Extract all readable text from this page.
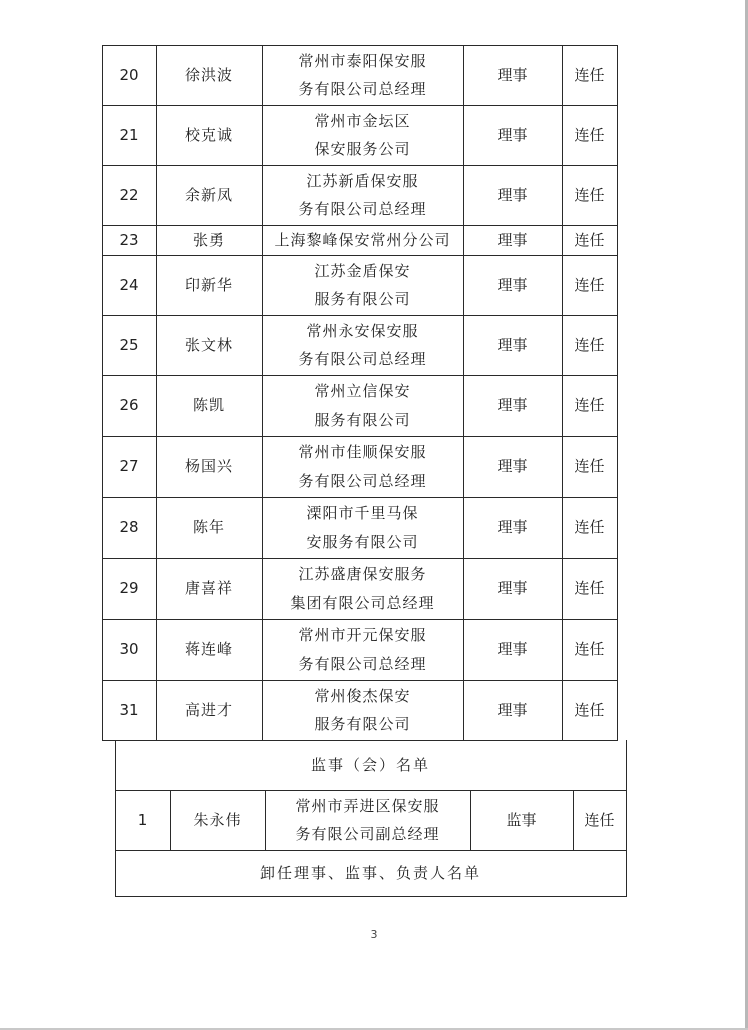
20	徐洪波
常州市泰阳保安服
务有限公司总经理
理事	连任
21	校克诚
常州市金坛区
保安服务公司
理事	连任
22	余新凤
江苏新盾保安服
务有限公司总经理
理事	连任
23	张勇	上海黎峰保安常州分公司	理事	连任
24	印新华
江苏金盾保安
服务有限公司
理事	连任
25	张文林
常州永安保安服
务有限公司总经理
理事	连任
26	陈凯
常州立信保安
服务有限公司
理事	连任
27	杨国兴
常州市佳顺保安服
务有限公司总经理
理事	连任
28	陈年
溧阳市千里马保
安服务有限公司
理事	连任
29	唐喜祥
江苏盛唐保安服务
集团有限公司总经理
理事	连任
30	蒋连峰
常州市开元保安服
务有限公司总经理
理事	连任
31	高进才
常州俊杰保安
服务有限公司
理事	连任
监事（会）名单
1	朱永伟
常州市弄进区保安服
务有限公司副总经理
监事	连任
卸任理事、监事、负责人名单
3
